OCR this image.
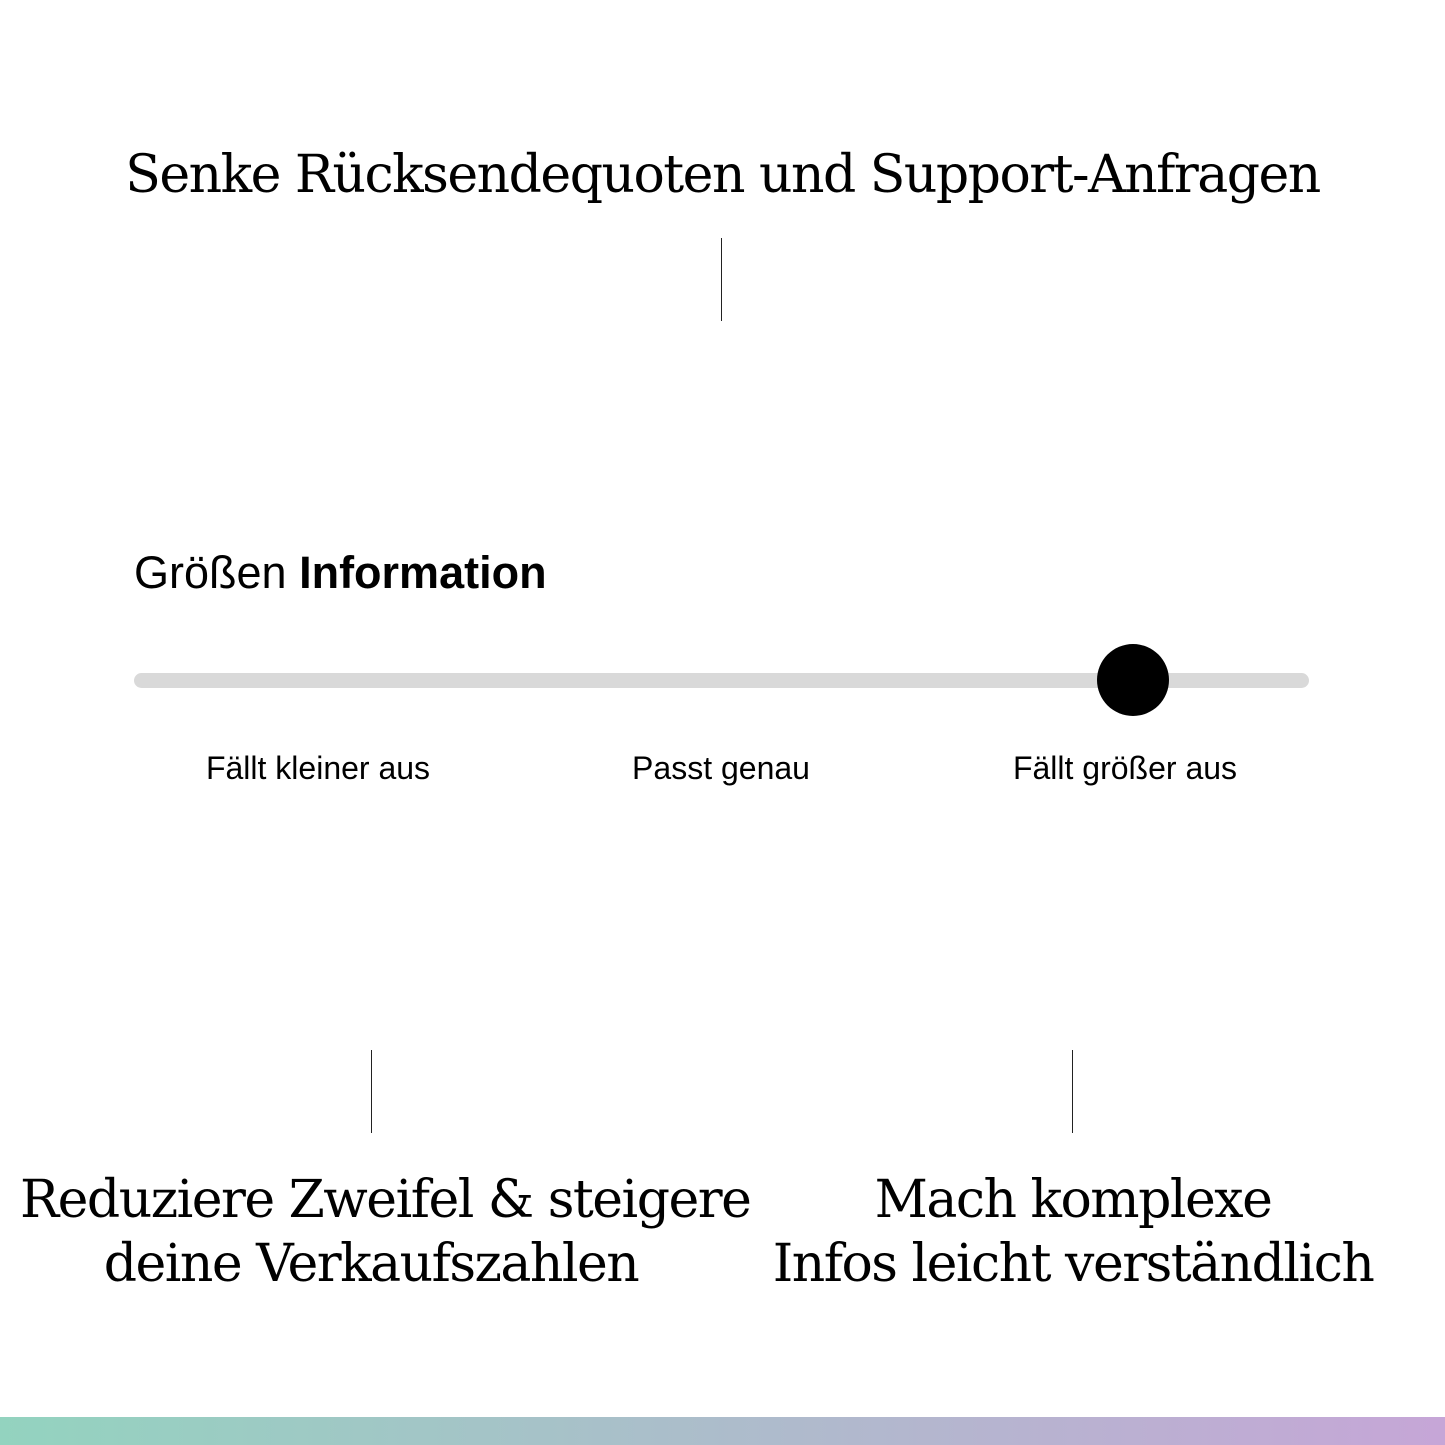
Senke Rücksendequoten und Support-Anfragen
Größen Information
Fällt kleiner aus	Passt genau	Fällt größer aus
Reduziere Zweifel & steigere
deine Verkaufszahlen
Mach komplexe
Infos leicht verständlich
